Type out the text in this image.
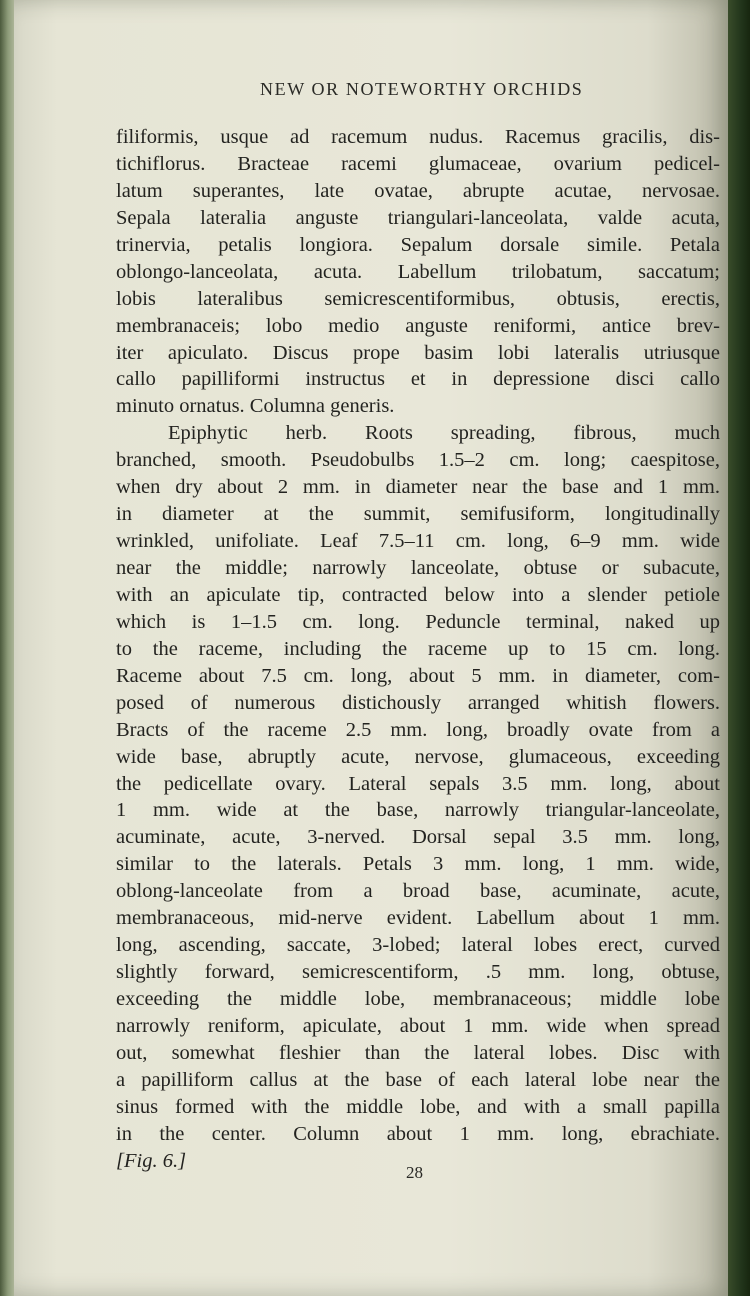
NEW OR NOTEWORTHY ORCHIDS
filiformis, usque ad racemum nudus. Racemus gracilis, dis-
tichiflorus. Bracteae racemi glumaceae, ovarium pedicel-
latum superantes, late ovatae, abrupte acutae, nervosae.
Sepala lateralia anguste triangulari-lanceolata, valde acuta,
trinervia, petalis longiora. Sepalum dorsale simile. Petala
oblongo-lanceolata, acuta. Labellum trilobatum, saccatum;
lobis lateralibus semicrescentiformibus, obtusis, erectis,
membranaceis; lobo medio anguste reniformi, antice brev-
iter apiculato. Discus prope basim lobi lateralis utriusque
callo papilliformi instructus et in depressione disci callo
minuto ornatus. Columna generis.
Epiphytic herb. Roots spreading, fibrous, much
branched, smooth. Pseudobulbs 1.5–2 cm. long; caespitose,
when dry about 2 mm. in diameter near the base and 1 mm.
in diameter at the summit, semifusiform, longitudinally
wrinkled, unifoliate. Leaf 7.5–11 cm. long, 6–9 mm. wide
near the middle; narrowly lanceolate, obtuse or subacute,
with an apiculate tip, contracted below into a slender petiole
which is 1–1.5 cm. long. Peduncle terminal, naked up
to the raceme, including the raceme up to 15 cm. long.
Raceme about 7.5 cm. long, about 5 mm. in diameter, com-
posed of numerous distichously arranged whitish flowers.
Bracts of the raceme 2.5 mm. long, broadly ovate from a
wide base, abruptly acute, nervose, glumaceous, exceeding
the pedicellate ovary. Lateral sepals 3.5 mm. long, about
1 mm. wide at the base, narrowly triangular-lanceolate,
acuminate, acute, 3-nerved. Dorsal sepal 3.5 mm. long,
similar to the laterals. Petals 3 mm. long, 1 mm. wide,
oblong-lanceolate from a broad base, acuminate, acute,
membranaceous, mid-nerve evident. Labellum about 1 mm.
long, ascending, saccate, 3-lobed; lateral lobes erect, curved
slightly forward, semicrescentiform, .5 mm. long, obtuse,
exceeding the middle lobe, membranaceous; middle lobe
narrowly reniform, apiculate, about 1 mm. wide when spread
out, somewhat fleshier than the lateral lobes. Disc with
a papilliform callus at the base of each lateral lobe near the
sinus formed with the middle lobe, and with a small papilla
in the center. Column about 1 mm. long, ebrachiate.
[Fig. 6.]
28
